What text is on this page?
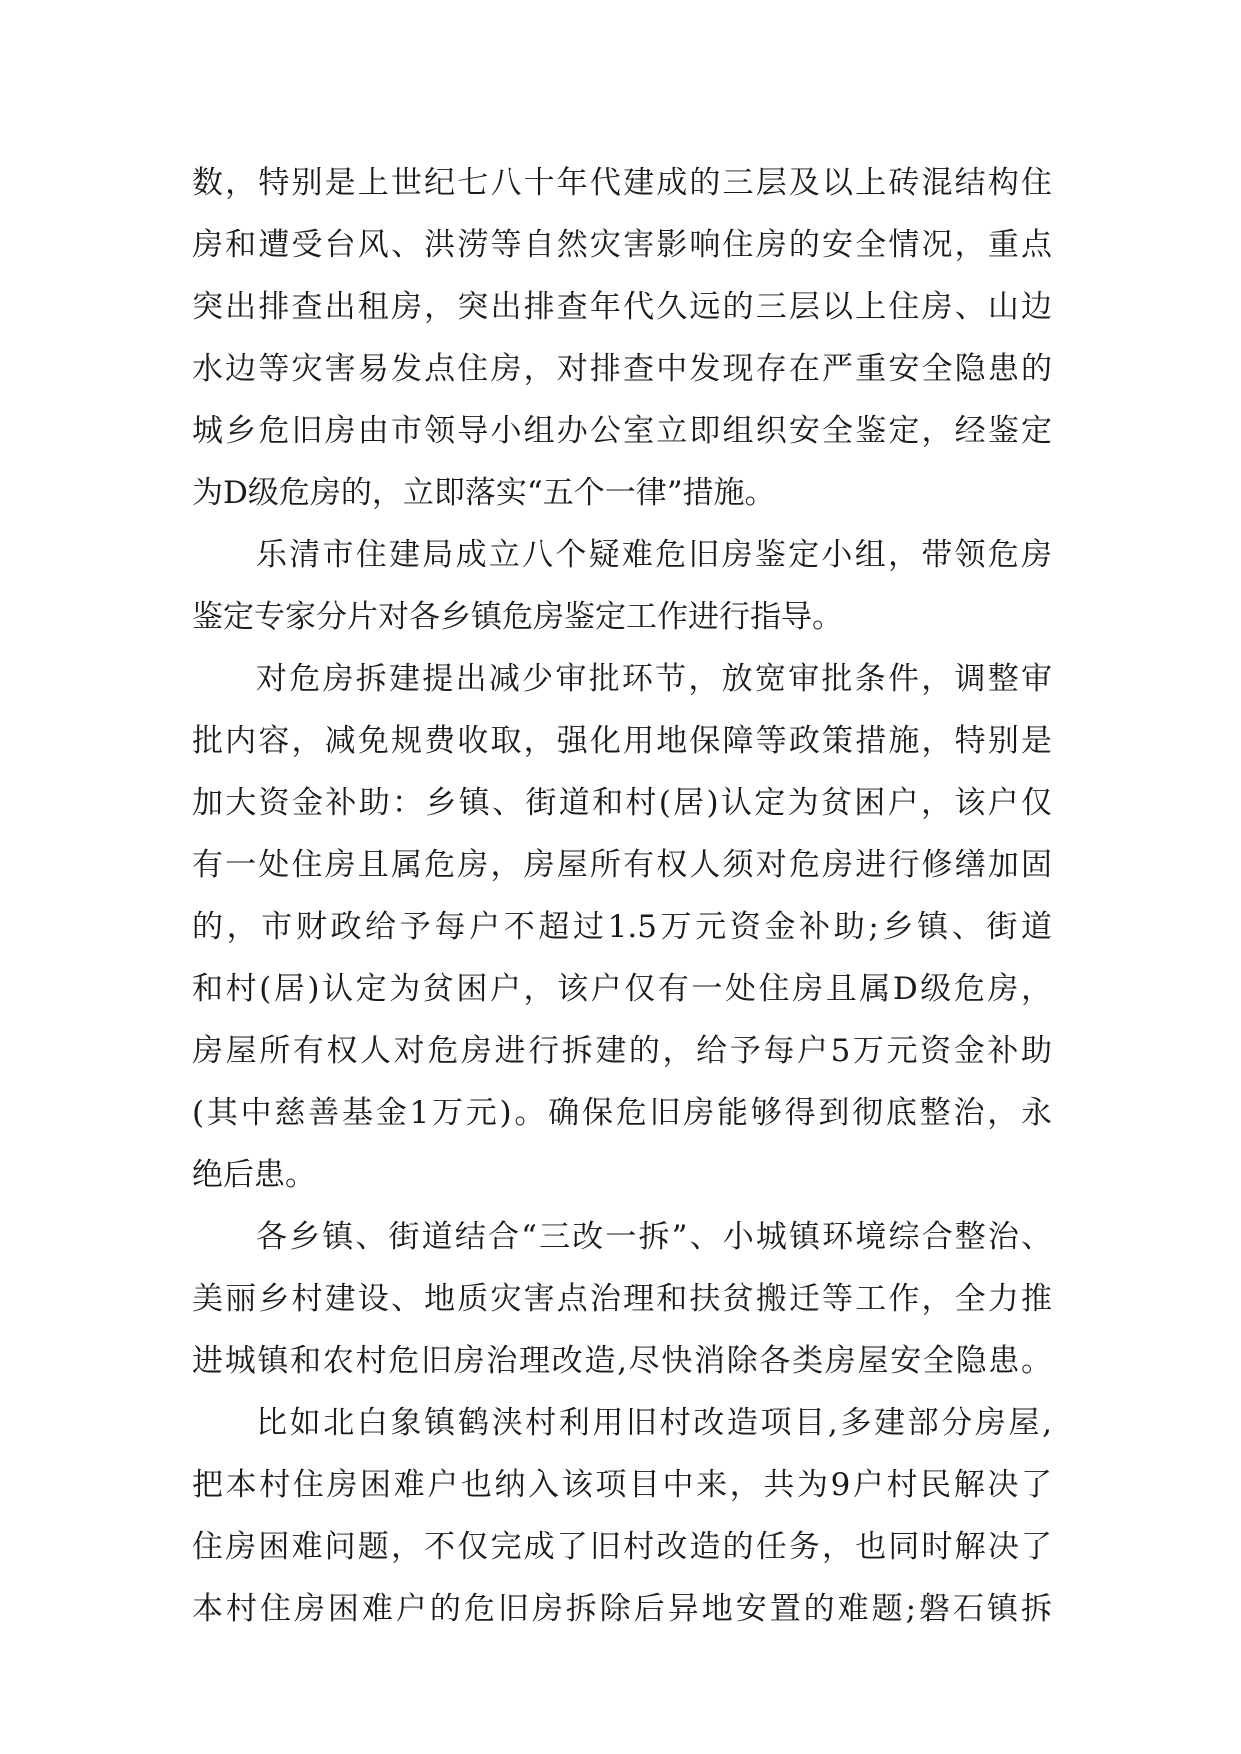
数，特别是上世纪七八十年代建成的三层及以上砖混结构住
房和遭受台风、洪涝等自然灾害影响住房的安全情况，重点
突出排查出租房，突出排查年代久远的三层以上住房、山边
水边等灾害易发点住房，对排查中发现存在严重安全隐患的
城乡危旧房由市领导小组办公室立即组织安全鉴定，经鉴定
为D级危房的，立即落实“五个一律”措施。
乐清市住建局成立八个疑难危旧房鉴定小组，带领危房
鉴定专家分片对各乡镇危房鉴定工作进行指导。
对危房拆建提出减少审批环节，放宽审批条件，调整审
批内容，减免规费收取，强化用地保障等政策措施，特别是
加大资金补助：乡镇、街道和村(居)认定为贫困户，该户仅
有一处住房且属危房，房屋所有权人须对危房进行修缮加固
的，市财政给予每户不超过1.5万元资金补助;乡镇、街道
和村(居)认定为贫困户，该户仅有一处住房且属D级危房，
房屋所有权人对危房进行拆建的，给予每户5万元资金补助
(其中慈善基金1万元)。确保危旧房能够得到彻底整治，永
绝后患。
各乡镇、街道结合“三改一拆”、小城镇环境综合整治、
美丽乡村建设、地质灾害点治理和扶贫搬迁等工作，全力推
进城镇和农村危旧房治理改造,尽快消除各类房屋安全隐患。
比如北白象镇鹤浃村利用旧村改造项目,多建部分房屋,
把本村住房困难户也纳入该项目中来，共为9户村民解决了
住房困难问题，不仅完成了旧村改造的任务，也同时解决了
本村住房困难户的危旧房拆除后异地安置的难题;磐石镇拆
